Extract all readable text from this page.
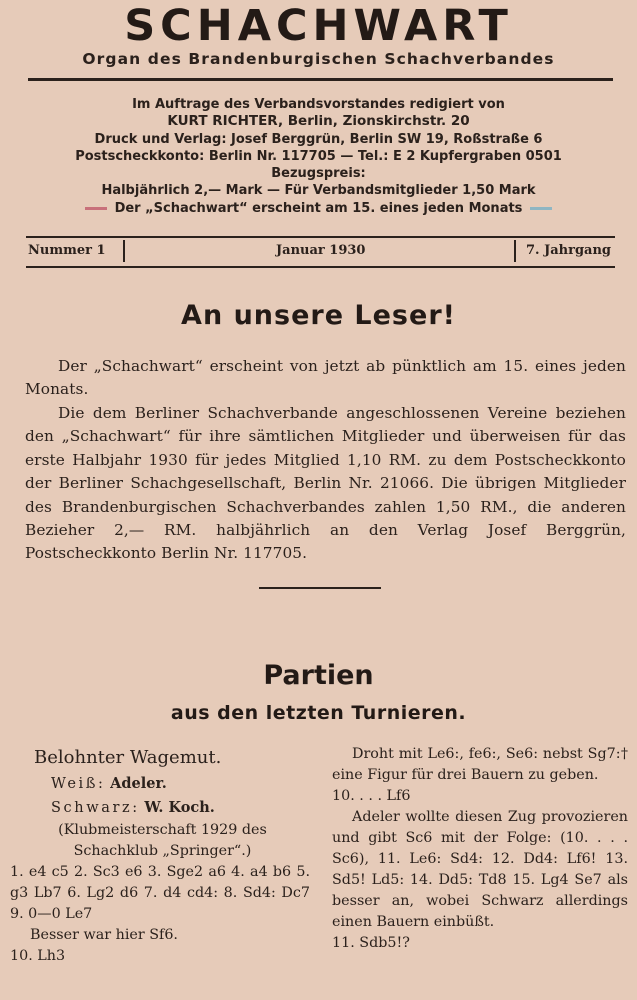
SCHACHWART
Organ des Brandenburgischen Schachverbandes
Im Auftrage des Verbandsvorstandes redigiert von
KURT RICHTER, Berlin, Zionskirchstr. 20
Druck und Verlag: Josef Berggrün, Berlin SW 19, Roßstraße 6
Postscheckkonto: Berlin Nr. 117705 — Tel.: E 2 Kupfergraben 0501
Bezugspreis:
Halbjährlich 2,— Mark — Für Verbandsmitglieder 1,50 Mark
Der „Schachwart“ erscheint am 15. eines jeden Monats
Nummer 1	Januar 1930	7. Jahrgang
An unsere Leser!
Der „Schachwart“ erscheint von jetzt ab pünktlich am 15. eines jeden Monats.
Die dem Berliner Schachverbande angeschlossenen Vereine beziehen den „Schachwart“ für ihre sämtlichen Mitglieder und überweisen für das erste Halbjahr 1930 für jedes Mitglied 1,10 RM. zu dem Postscheckkonto der Berliner Schachgesellschaft, Berlin Nr. 21066. Die übrigen Mitglieder des Brandenburgischen Schachverbandes zahlen 1,50 RM., die anderen Bezieher 2,— RM. halbjährlich an den Verlag Josef Berggrün, Postscheckkonto Berlin Nr. 117705.
Partien
aus den letzten Turnieren.
Belohnter Wagemut.
Weiß: Adeler.
Schwarz: W. Koch.
(Klubmeisterschaft 1929 des Schachklub „Springer“.)
1. e4 c5 2. Sc3 e6 3. Sge2 a6 4. a4 b6 5. g3 Lb7 6. Lg2 d6 7. d4 cd4: 8. Sd4: Dc7 9. 0—0 Le7
Besser war hier Sf6.
10. Lh3
Droht mit Le6:, fe6:, Se6: nebst Sg7:† eine Figur für drei Bauern zu geben.
10. . . . Lf6
Adeler wollte diesen Zug provozieren und gibt Sc6 mit der Folge: (10. . . . Sc6), 11. Le6: Sd4: 12. Dd4: Lf6! 13. Sd5! Ld5: 14. Dd5: Td8 15. Lg4 Se7 als besser an, wobei Schwarz allerdings einen Bauern einbüßt.
11. Sdb5!?
